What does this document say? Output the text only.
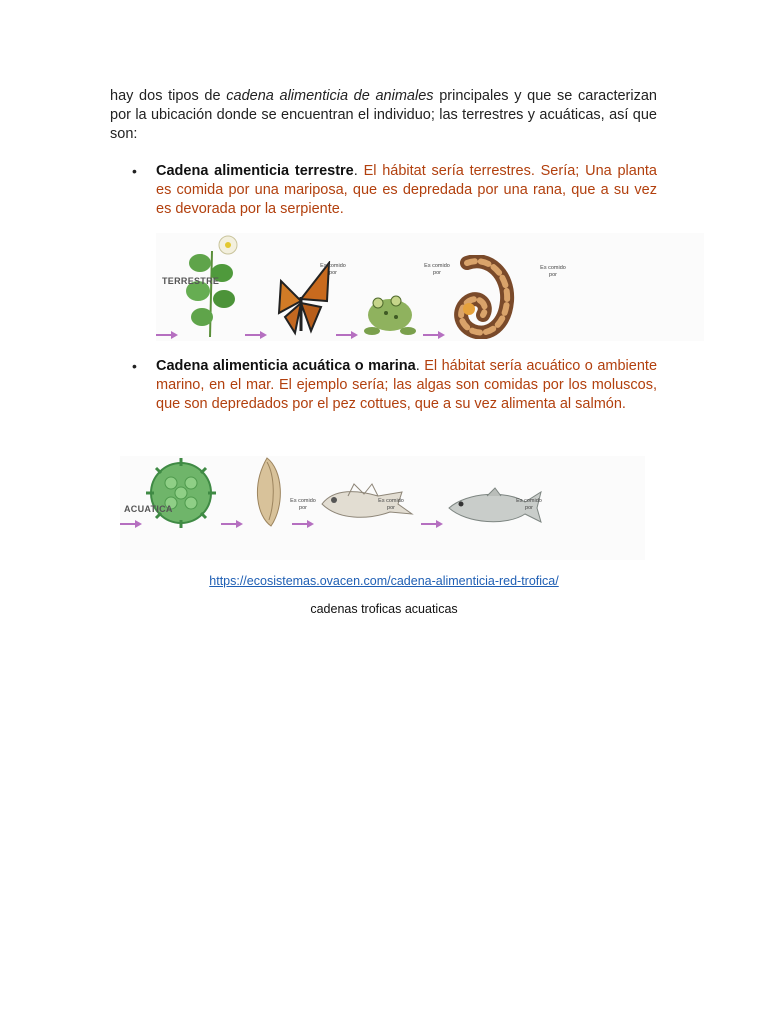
hay dos tipos de cadena alimenticia de animales principales y que se caracterizan por la ubicación donde se encuentran el individuo; las terrestres y acuáticas, así que son:

• Cadena alimenticia terrestre. El hábitat sería terrestres. Sería; Una planta es comida por una mariposa, que es depredada por una rana, que a su vez es devorada por la serpiente.
TERRESTRE

Es comido
por

Es comido
por

Es comido
por

• Cadena alimenticia acuática o marina. El hábitat sería acuático o ambiente marino, en el mar. El ejemplo sería; las algas son comidas por los moluscos, que son depredados por el pez cottues, que a su vez alimenta al salmón.
ACUATICA

Es comido
por

Es comido
por

Es comido
por

https://ecosistemas.ovacen.com/cadena-alimenticia-red-trofica/
cadenas troficas acuaticas
